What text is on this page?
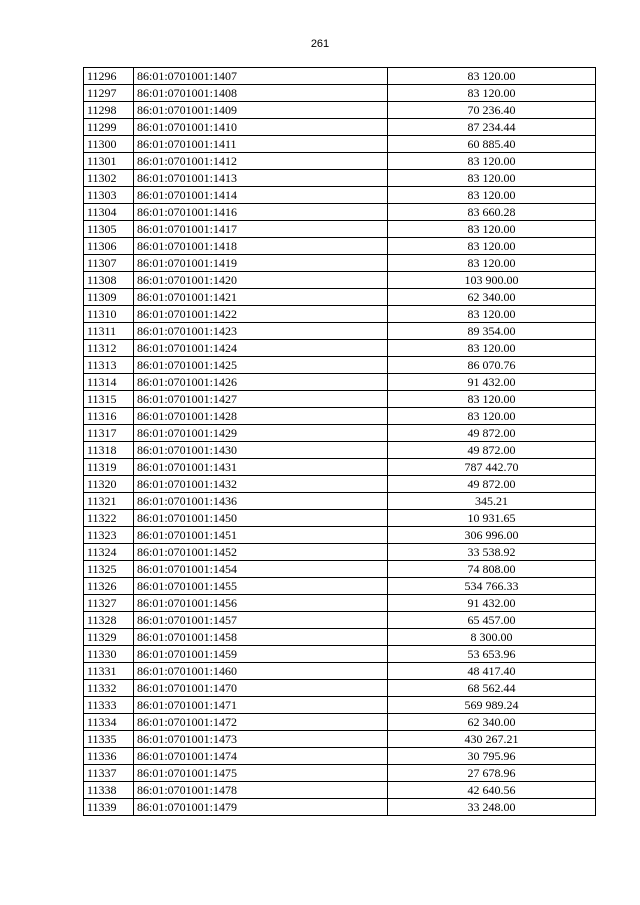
261
11296	86:01:0701001:1407	83 120.00
11297	86:01:0701001:1408	83 120.00
11298	86:01:0701001:1409	70 236.40
11299	86:01:0701001:1410	87 234.44
11300	86:01:0701001:1411	60 885.40
11301	86:01:0701001:1412	83 120.00
11302	86:01:0701001:1413	83 120.00
11303	86:01:0701001:1414	83 120.00
11304	86:01:0701001:1416	83 660.28
11305	86:01:0701001:1417	83 120.00
11306	86:01:0701001:1418	83 120.00
11307	86:01:0701001:1419	83 120.00
11308	86:01:0701001:1420	103 900.00
11309	86:01:0701001:1421	62 340.00
11310	86:01:0701001:1422	83 120.00
11311	86:01:0701001:1423	89 354.00
11312	86:01:0701001:1424	83 120.00
11313	86:01:0701001:1425	86 070.76
11314	86:01:0701001:1426	91 432.00
11315	86:01:0701001:1427	83 120.00
11316	86:01:0701001:1428	83 120.00
11317	86:01:0701001:1429	49 872.00
11318	86:01:0701001:1430	49 872.00
11319	86:01:0701001:1431	787 442.70
11320	86:01:0701001:1432	49 872.00
11321	86:01:0701001:1436	345.21
11322	86:01:0701001:1450	10 931.65
11323	86:01:0701001:1451	306 996.00
11324	86:01:0701001:1452	33 538.92
11325	86:01:0701001:1454	74 808.00
11326	86:01:0701001:1455	534 766.33
11327	86:01:0701001:1456	91 432.00
11328	86:01:0701001:1457	65 457.00
11329	86:01:0701001:1458	8 300.00
11330	86:01:0701001:1459	53 653.96
11331	86:01:0701001:1460	48 417.40
11332	86:01:0701001:1470	68 562.44
11333	86:01:0701001:1471	569 989.24
11334	86:01:0701001:1472	62 340.00
11335	86:01:0701001:1473	430 267.21
11336	86:01:0701001:1474	30 795.96
11337	86:01:0701001:1475	27 678.96
11338	86:01:0701001:1478	42 640.56
11339	86:01:0701001:1479	33 248.00
